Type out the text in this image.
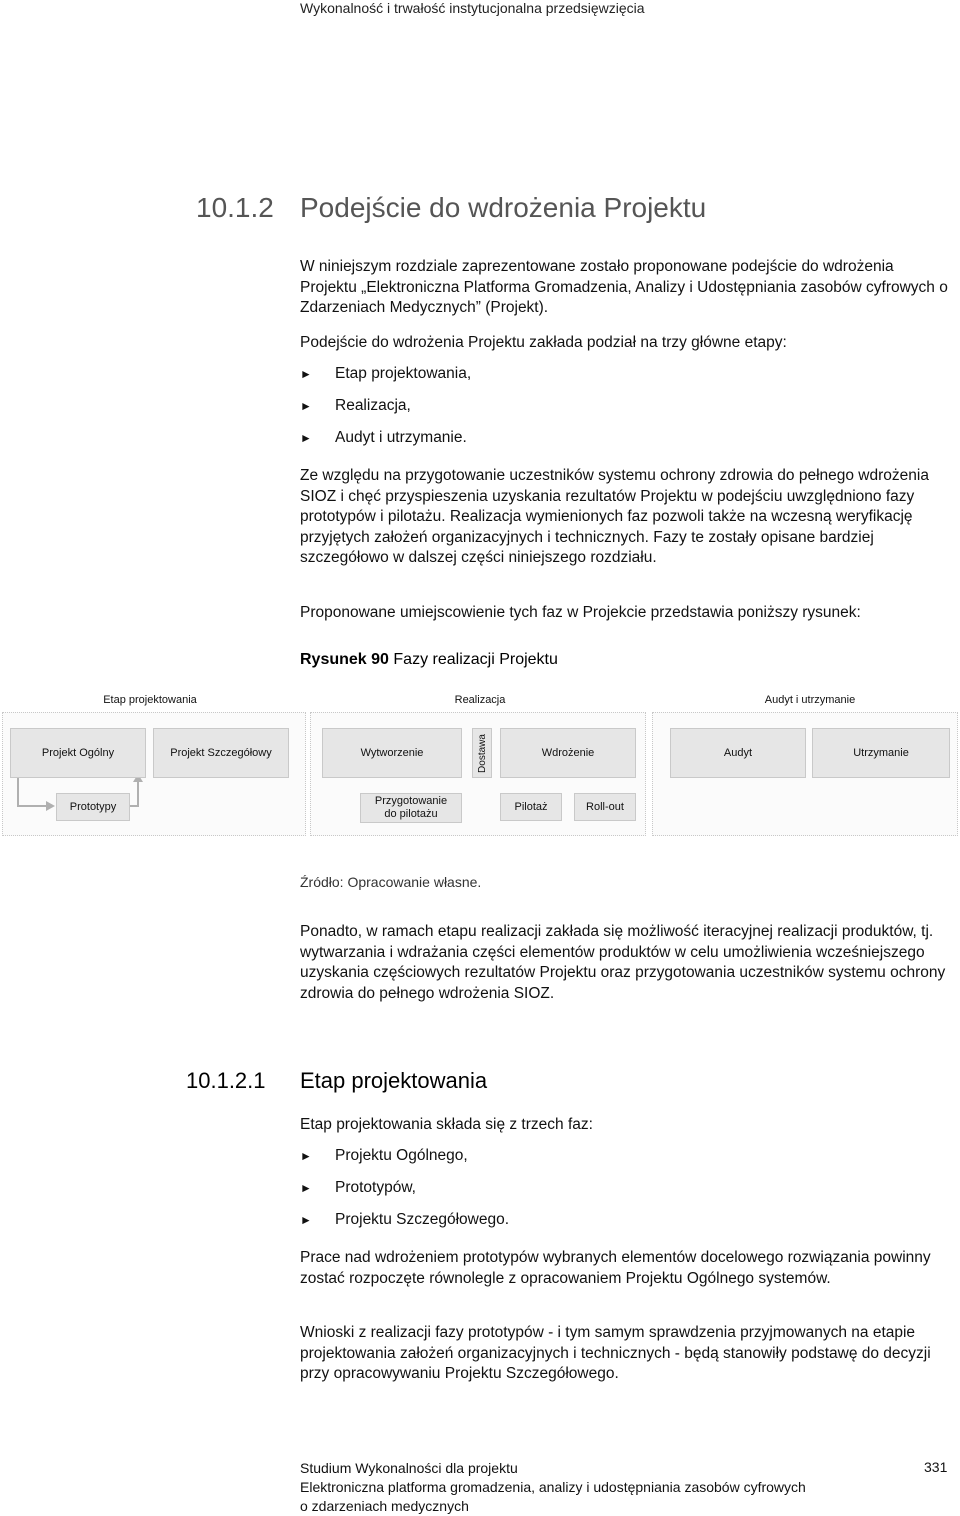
Wykonalność i trwałość instytucjonalna przedsięwzięcia
10.1.2 Podejście do wdrożenia Projektu
W niniejszym rozdziale zaprezentowane zostało proponowane podejście do wdrożenia Projektu „Elektroniczna Platforma Gromadzenia, Analizy i Udostępniania zasobów cyfrowych o Zdarzeniach Medycznych” (Projekt).
Podejście do wdrożenia Projektu zakłada podział na trzy główne etapy:
► Etap projektowania,
► Realizacja,
► Audyt i utrzymanie.
Ze względu na przygotowanie uczestników systemu ochrony zdrowia do pełnego wdrożenia SIOZ i chęć przyspieszenia uzyskania rezultatów Projektu w podejściu uwzględniono fazy prototypów i pilotażu. Realizacja wymienionych faz pozwoli także na wczesną weryfikację przyjętych założeń organizacyjnych i technicznych. Fazy te zostały opisane bardziej szczegółowo w dalszej części niniejszego rozdziału.
Proponowane umiejscowienie tych faz w Projekcie przedstawia poniższy rysunek:
Rysunek 90 Fazy realizacji Projektu
Etap projektowania	Realizacja	Audyt i utrzymanie
Projekt Ogólny	Projekt Szczegółowy	Wytworzenie	Dostawa	Wdrożenie	Audyt	Utrzymanie
Prototypy	Przygotowanie
do pilotażu
Pilotaż	Roll-out
Źródło: Opracowanie własne.
Ponadto, w ramach etapu realizacji zakłada się możliwość iteracyjnej realizacji produktów, tj. wytwarzania i wdrażania części elementów produktów w celu umożliwienia wcześniejszego uzyskania częściowych rezultatów Projektu oraz przygotowania uczestników systemu ochrony zdrowia do pełnego wdrożenia SIOZ.
10.1.2.1 Etap projektowania
Etap projektowania składa się z trzech faz:
► Projektu Ogólnego,
► Prototypów,
► Projektu Szczegółowego.
Prace nad wdrożeniem prototypów wybranych elementów docelowego rozwiązania powinny zostać rozpoczęte równolegle z opracowaniem Projektu Ogólnego systemów.
Wnioski z realizacji fazy prototypów - i tym samym sprawdzenia przyjmowanych na etapie projektowania założeń organizacyjnych i technicznych - będą stanowiły podstawę do decyzji przy opracowywaniu Projektu Szczegółowego.
Studium Wykonalności dla projektu
Elektroniczna platforma gromadzenia, analizy i udostępniania zasobów cyfrowych
o zdarzeniach medycznych
331
